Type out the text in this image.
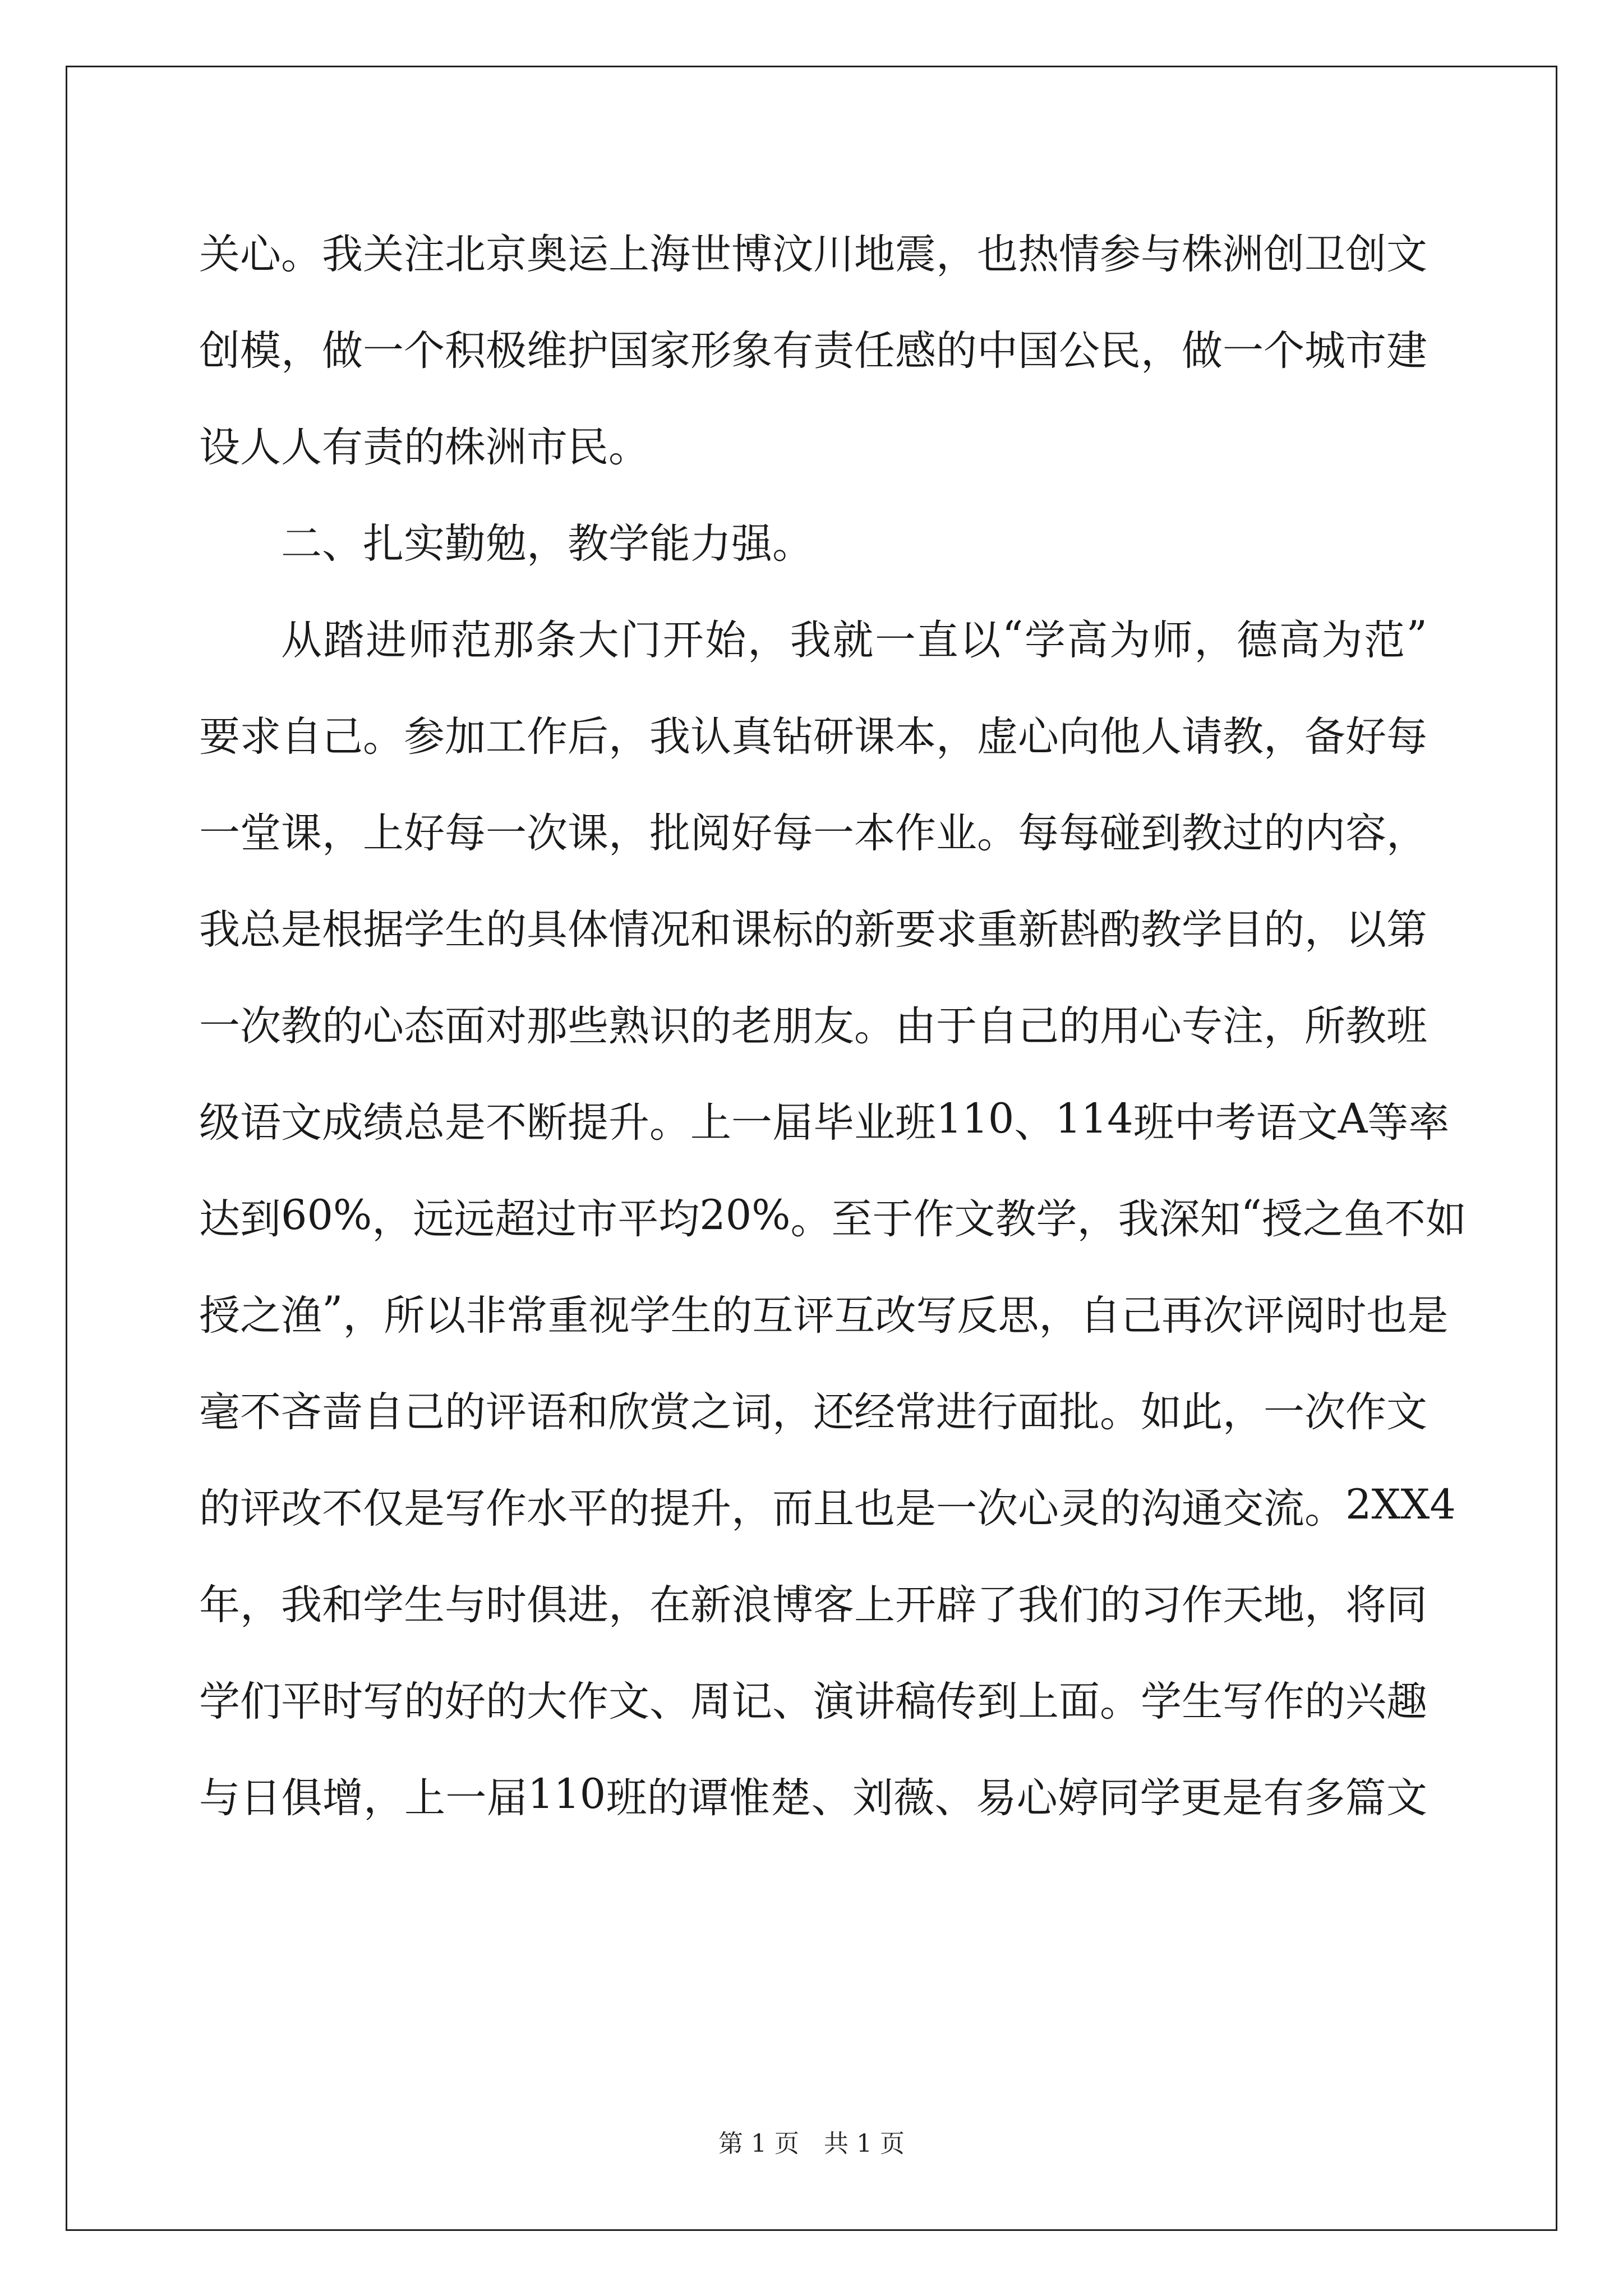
关 心 。 我 关 注 北 京 奥 运 上 海 世 博 汶 川 地 震 ， 也 热 情 参 与 株 洲 创 卫 创 文
创 模 ， 做 一 个 积 极 维 护 国 家 形 象 有 责 任 感 的 中 国 公 民 ， 做 一 个 城 市 建
设人人有责的株洲市民。
二、扎实勤勉，教学能力强。
从 踏 进 师 范 那 条 大 门 开 始 ， 我 就 一 直 以 “ 学 高 为 师 ， 德 高 为 范 ”
要 求 自 己 。 参 加 工 作 后 ， 我 认 真 钻 研 课 本 ， 虚 心 向 他 人 请 教 ， 备 好 每
一 堂 课 ， 上 好 每 一 次 课 ， 批 阅 好 每 一 本 作 业 。 每 每 碰 到 教 过 的 内 容 ，
我 总 是 根 据 学 生 的 具 体 情 况 和 课 标 的 新 要 求 重 新 斟 酌 教 学 目 的 ， 以 第
一 次 教 的 心 态 面 对 那 些 熟 识 的 老 朋 友 。 由 于 自 己 的 用 心 专 注 ， 所 教 班
级 语 文 成 绩 总 是 不 断 提 升 。 上 一 届 毕 业 班 110 、 114 班 中 考 语 文 A 等 率
达 到 60% ， 远 远 超 过 市 平 均 20% 。 至 于 作 文 教 学 ， 我 深 知 “ 授 之 鱼 不 如
授 之 渔 ” ， 所 以 非 常 重 视 学 生 的 互 评 互 改 写 反 思 ， 自 己 再 次 评 阅 时 也 是
毫 不 吝 啬 自 己 的 评 语 和 欣 赏 之 词 ， 还 经 常 进 行 面 批 。 如 此 ， 一 次 作 文
的 评 改 不 仅 是 写 作 水 平 的 提 升 ， 而 且 也 是 一 次 心 灵 的 沟 通 交 流 。 2XX4
年 ， 我 和 学 生 与 时 俱 进 ， 在 新 浪 博 客 上 开 辟 了 我 们 的 习 作 天 地 ， 将 同
学 们 平 时 写 的 好 的 大 作 文 、 周 记 、 演 讲 稿 传 到 上 面 。 学 生 写 作 的 兴 趣
与 日 俱 增 ， 上 一 届 110 班 的 谭 惟 楚 、 刘 薇 、 易 心 婷 同 学 更 是 有 多 篇 文
第 1 页　共 1 页
